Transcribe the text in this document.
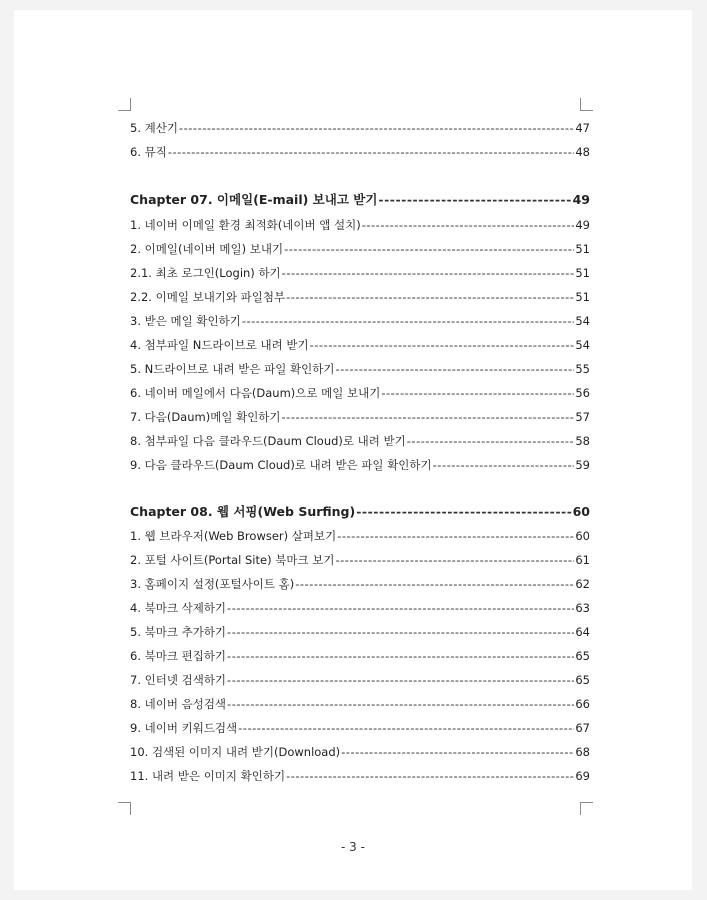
5. 계산기 -----	47
6. 뮤직 -----	48
Chapter 07. 이메일(E-mail) 보내고 받기 -----	49
1. 네이버 이메일 환경 최적화(네이버 앱 설치) -----	49
2. 이메일(네이버 메일) 보내기 -----	51
2.1. 최초 로그인(Login) 하기 -----	51
2.2. 이메일 보내기와 파일첨부 -----	51
3. 받은 메일 확인하기 -----	54
4. 첨부파일 N드라이브로 내려 받기 -----	54
5. N드라이브로 내려 받은 파일 확인하기 -----	55
6. 네이버 메일에서 다음(Daum)으로 메일 보내기 -----	56
7. 다음(Daum)메일 확인하기 -----	57
8. 첨부파일 다음 클라우드(Daum Cloud)로 내려 받기 -----	58
9. 다음 클라우드(Daum Cloud)로 내려 받은 파일 확인하기 -----	59
Chapter 08. 웹 서핑(Web Surfing) -----	60
1. 웹 브라우저(Web Browser) 살펴보기 -----	60
2. 포털 사이트(Portal Site) 북마크 보기 -----	61
3. 홈페이지 설정(포털사이트 홈) -----	62
4. 북마크 삭제하기 -----	63
5. 북마크 추가하기 -----	64
6. 북마크 편집하기 -----	65
7. 인터넷 검색하기 -----	65
8. 네이버 음성검색 -----	66
9. 네이버 키워드검색 -----	67
10. 검색된 이미지 내려 받기(Download) -----	68
11. 내려 받은 이미지 확인하기 -----	69
- 3 -
